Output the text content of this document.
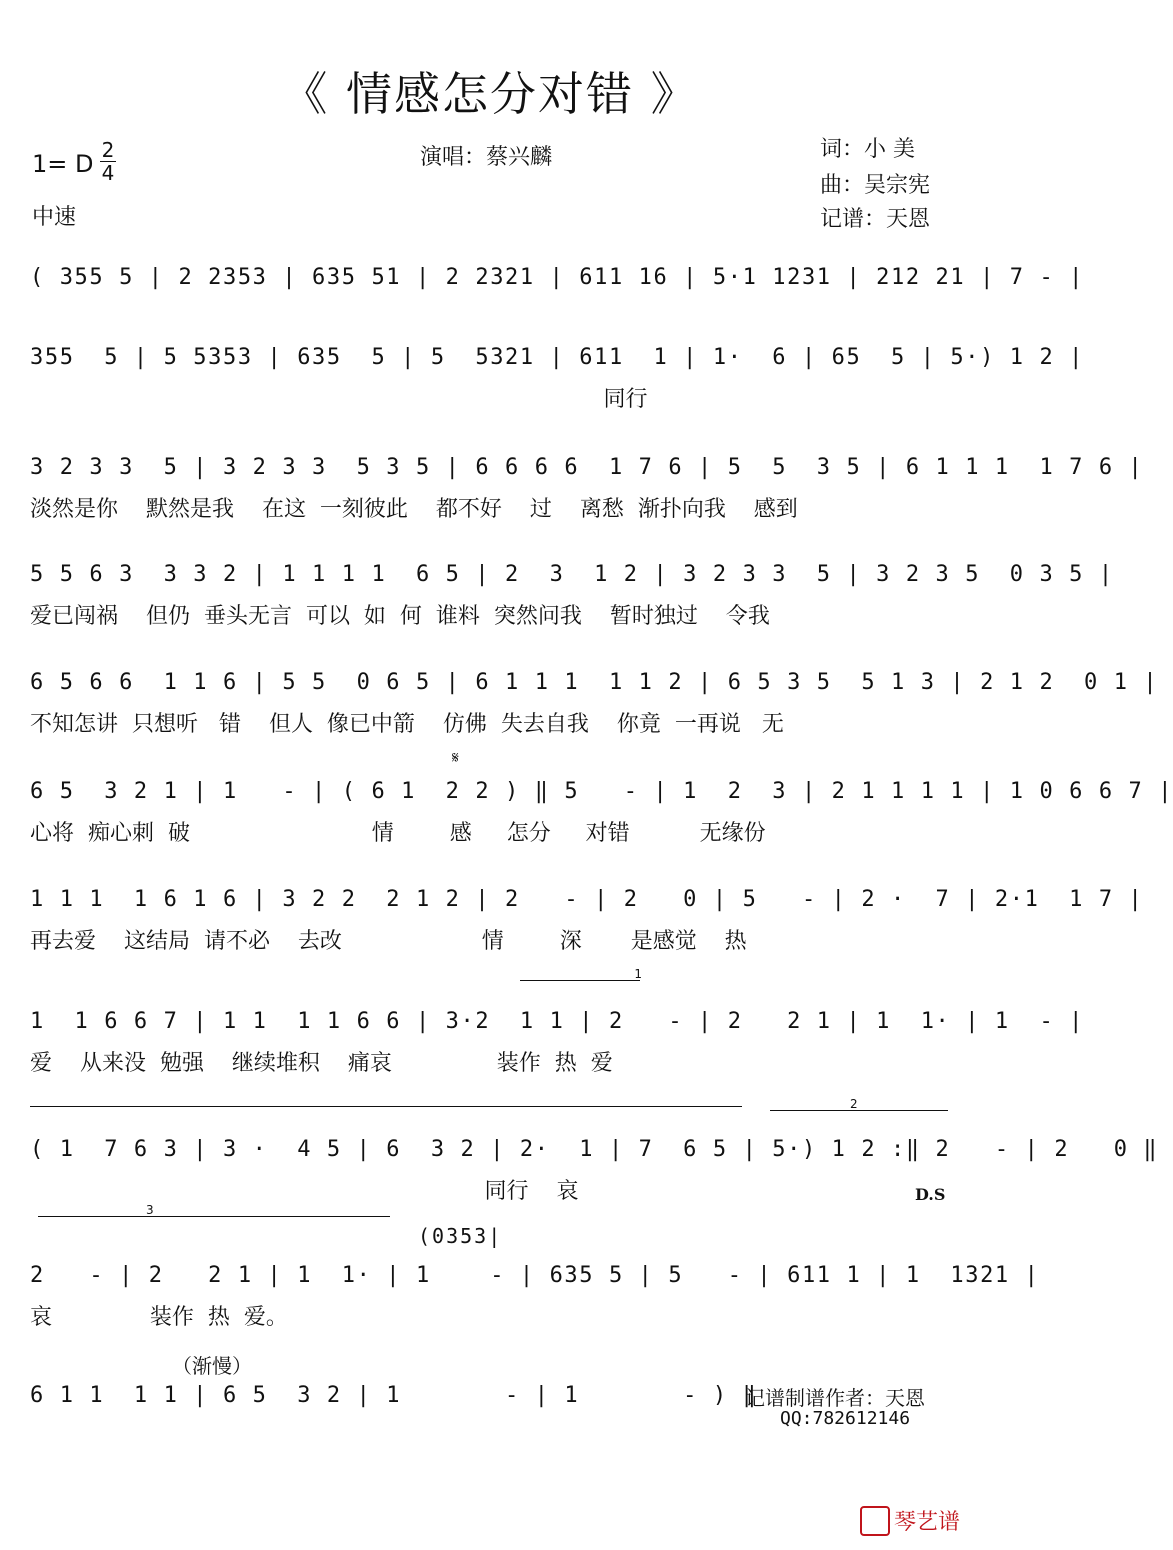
《 情感怎分对错 》
1= D 2
4
中速
演唱：蔡兴麟	词：小 美
曲：吴宗宪
记谱：天恩
( 355 5 | 2 2353 | 635 51 | 2 2321 | 611 16 | 5·1 1231 | 212 21 | 7 - |
355  5 | 5 5353 | 635  5 | 5  5321 | 611  1 | 1·  6 | 65  5 | 5·) 1 2 |
同行
3 2 3 3  5 | 3 2 3 3  5 3 5 | 6 6 6 6  1 7 6 | 5  5  3 5 | 6 1 1 1  1 7 6 |
淡然是你    默然是我    在这  一刻彼此    都不好    过    离愁  渐扑向我    感到
5 5 6 3  3 3 2 | 1 1 1 1  6 5 | 2  3  1 2 | 3 2 3 3  5 | 3 2 3 5  0 3 5 |
爱已闯祸    但仍  垂头无言  可以  如  何  谁料  突然问我    暂时独过    令我
6 5 6 6  1 1 6 | 5 5  0 6 5 | 6 1 1 1  1 1 2 | 6 5 3 5  5 1 3 | 2 1 2  0 1 |
不知怎讲  只想听   错    但人  像已中箭    仿佛  失去自我    你竟  一再说   无
6 5  3 2 1 | 1   - | ( 6 1  2 2 ) ‖ 5   - | 1  2  3 | 2 1 1 1 1 | 1 0 6 6 7 |
心将  痴心刺  破                          情        感     怎分     对错          无缘份
1 1 1  1 6 1 6 | 3 2 2  2 1 2 | 2   - | 2   0 | 5   - | 2 ·  7 | 2·1  1 7 |
再去爱    这结局  请不必    去改                    情        深       是感觉    热
1  1 6 6 7 | 1 1  1 1 6 6 | 3·2  1 1 | 2   - | 2   2 1 | 1  1· | 1  - |
爱    从来没  勉强    继续堆积    痛哀               装作  热  爱
( 1  7 6 3 | 3 ·  4 5 | 6  3 2 | 2·  1 | 7  6 5 | 5·) 1 2 :‖ 2   - | 2   0 ‖
同行    哀
2   - | 2   2 1 | 1  1· | 1    - | 635 5 | 5   - | 611 1 | 1  1321 |
哀              装作  热  爱。
6 1 1  1 1 | 6 5  3 2 | 1       - | 1       - ) ‖
𝄋
1
2
3
D.S
（渐慢）
(0353|
记谱制谱作者：天恩
QQ:782612146
琴艺谱
